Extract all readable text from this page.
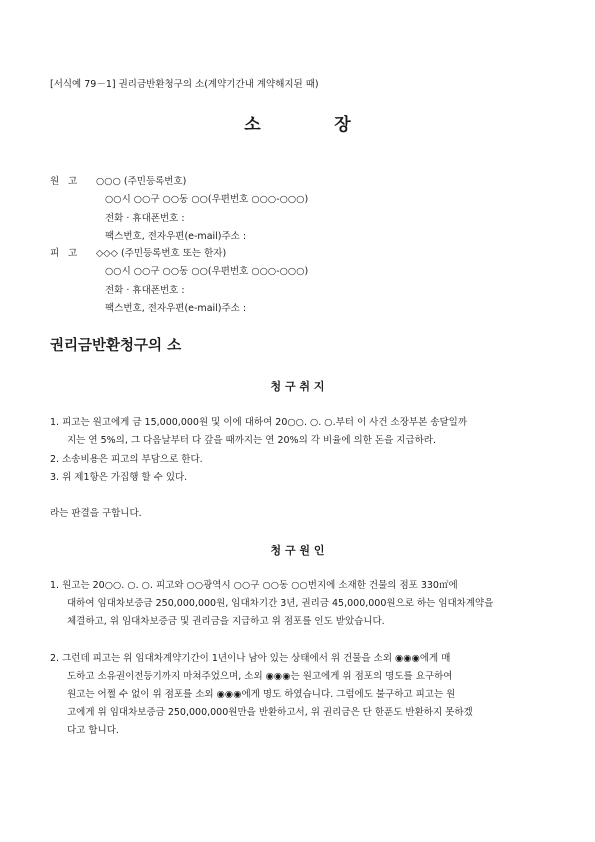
[서식예 79－1] 권리금반환청구의 소(계약기간내 계약해지된 때)
소	장
원 고 ○○○ (주민등록번호)
○○시 ○○구 ○○동 ○○(우편번호 ○○○-○○○)
전화 · 휴대폰번호 :
팩스번호, 전자우편(e-mail)주소 :
피 고 ◇◇◇ (주민등록번호 또는 한자)
○○시 ○○구 ○○동 ○○(우편번호 ○○○-○○○)
전화 · 휴대폰번호 :
팩스번호, 전자우편(e-mail)주소 :
권리금반환청구의 소
청 구 취 지
1. 피고는 원고에게 금 15,000,000원 및 이에 대하여 20○○. ○. ○.부터 이 사건 소장부본 송달일까
지는 연 5%의, 그 다음날부터 다 갚을 때까지는 연 20%의 각 비율에 의한 돈을 지급하라.
2. 소송비용은 피고의 부담으로 한다.
3. 위 제1항은 가집행 할 수 있다.
라는 판결을 구합니다.
청 구 원 인
1. 원고는 20○○. ○. ○. 피고와 ○○광역시 ○○구 ○○동 ○○번지에 소재한 건물의 점포 330㎡에
대하여 임대차보증금 250,000,000원, 임대차기간 3년, 권리금 45,000,000원으로 하는 임대차계약을
체결하고, 위 임대차보증금 및 권리금을 지급하고 위 점포를 인도 받았습니다.
2. 그런데 피고는 위 임대차계약기간이 1년이나 남아 있는 상태에서 위 건물을 소외 ◉◉◉에게 매
도하고 소유권이전등기까지 마쳐주었으며, 소외 ◉◉◉는 원고에게 위 점포의 명도를 요구하여
원고는 어쩔 수 없이 위 점포를 소외 ◉◉◉에게 명도 하였습니다. 그럼에도 불구하고 피고는 원
고에게 위 임대차보증금 250,000,000원만을 반환하고서, 위 권리금은 단 한푼도 반환하지 못하겠
다고 합니다.
